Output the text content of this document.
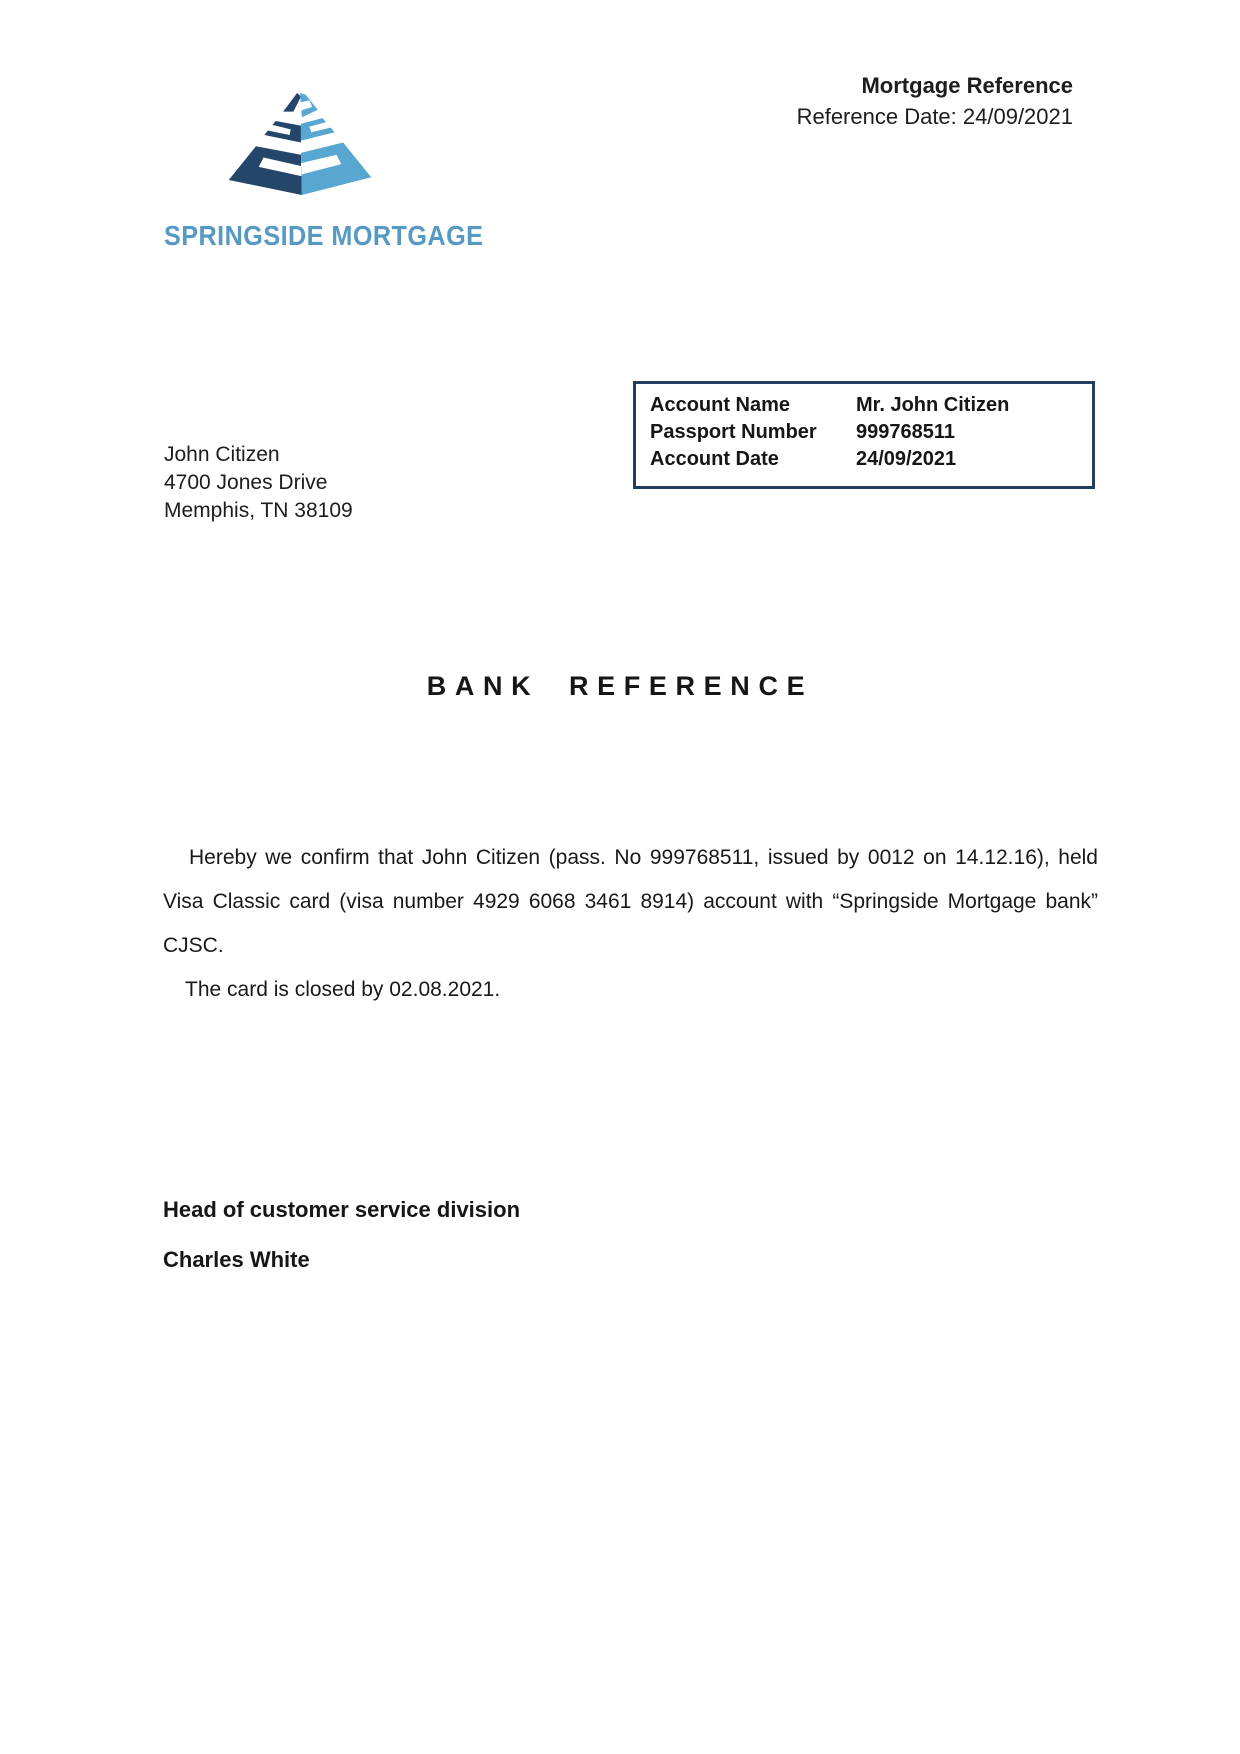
SPRINGSIDE MORTGAGE
Mortgage Reference
Reference Date: 24/09/2021
John Citizen
4700 Jones Drive
Memphis, TN 38109
Account Name	Mr. John Citizen
Passport Number	999768511
Account Date	24/09/2021
BANK REFERENCE

Hereby we confirm that John Citizen (pass. No 999768511, issued by 0012 on 14.12.16), held Visa Classic card (visa number 4929 6068 3461 8914) account with “Springside Mortgage bank” CJSC.

The card is closed by 02.08.2021.

Head of customer service division
Charles White
